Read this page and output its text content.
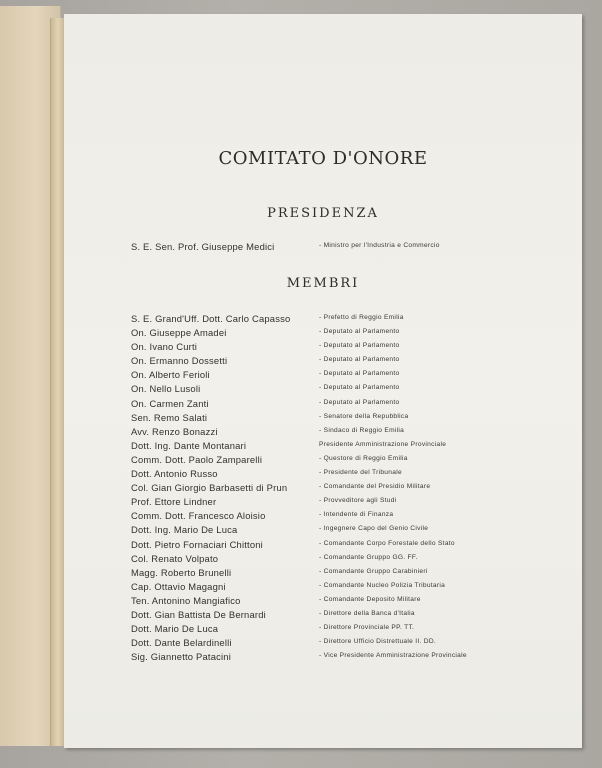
COMITATO D'ONORE
PRESIDENZA
S. E. Sen. Prof. Giuseppe Medici	- Ministro per l'Industria e Commercio
MEMBRI
S. E. Grand'Uff. Dott. Carlo Capasso	- Prefetto di Reggio Emilia
On. Giuseppe Amadei	- Deputato al Parlamento
On. Ivano Curti	- Deputato al Parlamento
On. Ermanno Dossetti	- Deputato al Parlamento
On. Alberto Ferioli	- Deputato al Parlamento
On. Nello Lusoli	- Deputato al Parlamento
On. Carmen Zanti	- Deputato al Parlamento
Sen. Remo Salati	- Senatore della Repubblica
Avv. Renzo Bonazzi	- Sindaco di Reggio Emilia
Dott. Ing. Dante Montanari	Presidente Amministrazione Provinciale
Comm. Dott. Paolo Zamparelli	- Questore di Reggio Emilia
Dott. Antonio Russo	- Presidente del Tribunale
Col. Gian Giorgio Barbasetti di Prun	- Comandante del Presidio Militare
Prof. Ettore Lindner	- Provveditore agli Studi
Comm. Dott. Francesco Aloisio	- Intendente di Finanza
Dott. Ing. Mario De Luca	- Ingegnere Capo del Genio Civile
Dott. Pietro Fornaciari Chittoni	- Comandante Corpo Forestale dello Stato
Col. Renato Volpato	- Comandante Gruppo GG. FF.
Magg. Roberto Brunelli	- Comandante Gruppo Carabinieri
Cap. Ottavio Magagni	- Comandante Nucleo Polizia Tributaria
Ten. Antonino Mangiafico	- Comandante Deposito Militare
Dott. Gian Battista De Bernardi	- Direttore della Banca d'Italia
Dott. Mario De Luca	- Direttore Provinciale PP. TT.
Dott. Dante Belardinelli	- Direttore Ufficio Distrettuale II. DD.
Sig. Giannetto Patacini	- Vice Presidente Amministrazione Provinciale
